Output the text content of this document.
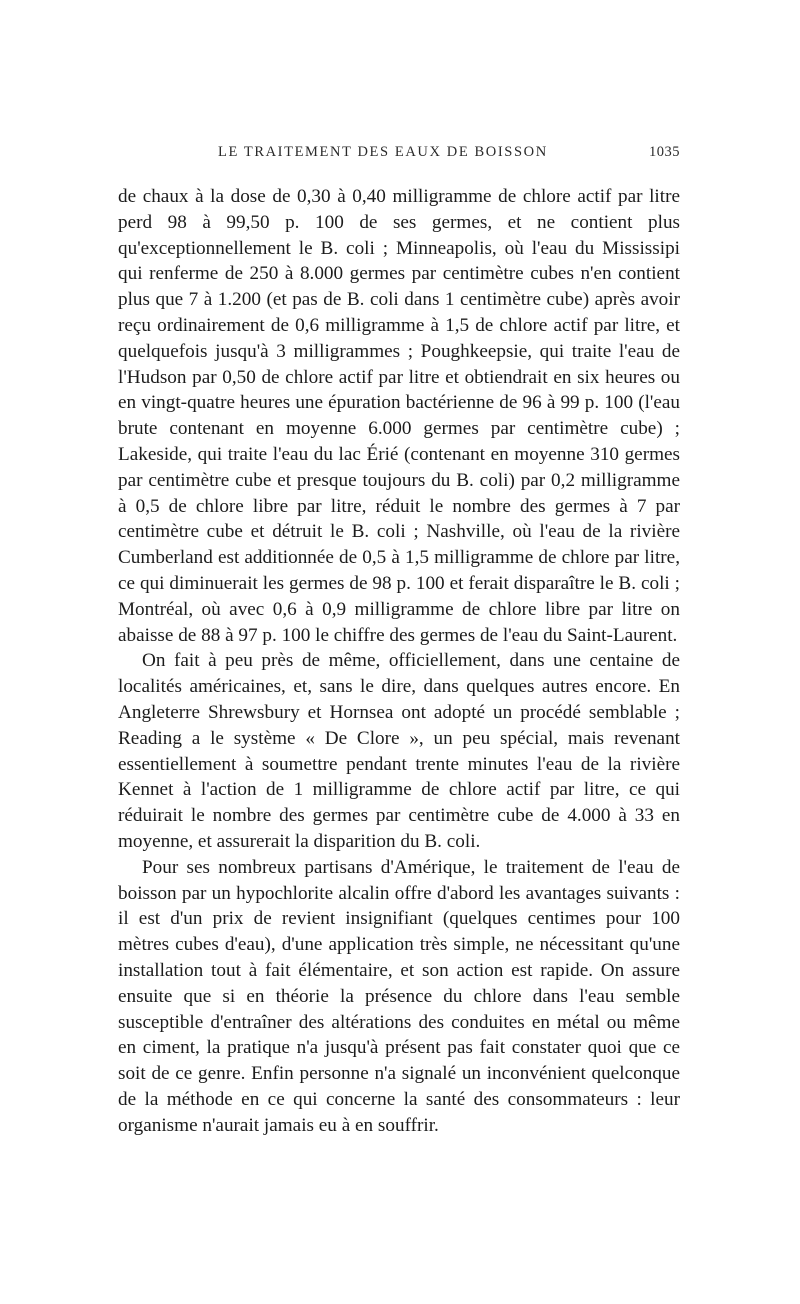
LE TRAITEMENT DES EAUX DE BOISSON	1035

de chaux à la dose de 0,30 à 0,40 milligramme de chlore actif par litre perd 98 à 99,50 p. 100 de ses germes, et ne contient plus qu'exceptionnellement le B. coli ; Minneapolis, où l'eau du Mississipi qui renferme de 250 à 8.000 germes par centimètre cubes n'en contient plus que 7 à 1.200 (et pas de B. coli dans 1 centimètre cube) après avoir reçu ordinairement de 0,6 milligramme à 1,5 de chlore actif par litre, et quelquefois jusqu'à 3 milligrammes ; Poughkeepsie, qui traite l'eau de l'Hudson par 0,50 de chlore actif par litre et obtiendrait en six heures ou en vingt-quatre heures une épuration bactérienne de 96 à 99 p. 100 (l'eau brute contenant en moyenne 6.000 germes par centimètre cube) ; Lakeside, qui traite l'eau du lac Érié (contenant en moyenne 310 germes par centimètre cube et presque toujours du B. coli) par 0,2 milligramme à 0,5 de chlore libre par litre, réduit le nombre des germes à 7 par centimètre cube et détruit le B. coli ; Nashville, où l'eau de la rivière Cumberland est additionnée de 0,5 à 1,5 milligramme de chlore par litre, ce qui diminuerait les germes de 98 p. 100 et ferait disparaître le B. coli ; Montréal, où avec 0,6 à 0,9 milligramme de chlore libre par litre on abaisse de 88 à 97 p. 100 le chiffre des germes de l'eau du Saint-Laurent.

On fait à peu près de même, officiellement, dans une centaine de localités américaines, et, sans le dire, dans quelques autres encore. En Angleterre Shrewsbury et Hornsea ont adopté un procédé semblable ; Reading a le système « De Clore », un peu spécial, mais revenant essentiellement à soumettre pendant trente minutes l'eau de la rivière Kennet à l'action de 1 milligramme de chlore actif par litre, ce qui réduirait le nombre des germes par centimètre cube de 4.000 à 33 en moyenne, et assurerait la disparition du B. coli.

Pour ses nombreux partisans d'Amérique, le traitement de l'eau de boisson par un hypochlorite alcalin offre d'abord les avantages suivants : il est d'un prix de revient insignifiant (quelques centimes pour 100 mètres cubes d'eau), d'une application très simple, ne nécessitant qu'une installation tout à fait élémentaire, et son action est rapide. On assure ensuite que si en théorie la présence du chlore dans l'eau semble susceptible d'entraîner des altérations des conduites en métal ou même en ciment, la pratique n'a jusqu'à présent pas fait constater quoi que ce soit de ce genre. Enfin personne n'a signalé un inconvénient quelconque de la méthode en ce qui concerne la santé des consommateurs : leur organisme n'aurait jamais eu à en souffrir.
